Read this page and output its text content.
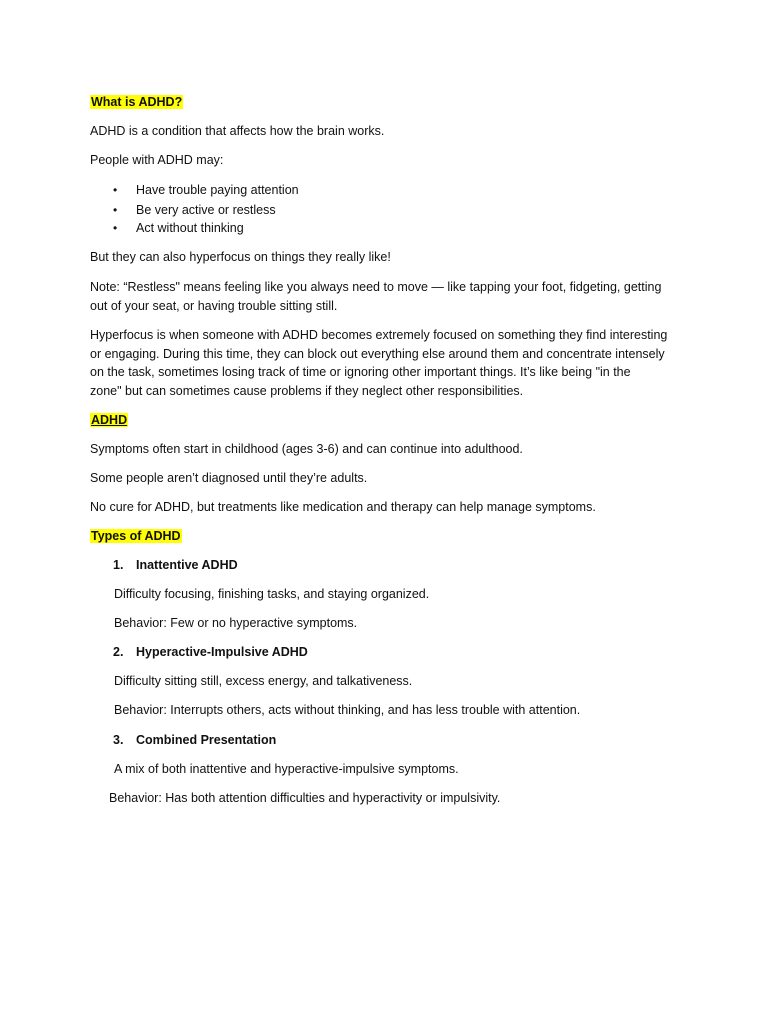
What is ADHD?
ADHD is a condition that affects how the brain works.
People with ADHD may:
• Have trouble paying attention
• Be very active or restless
• Act without thinking
But they can also hyperfocus on things they really like!
Note: “Restless" means feeling like you always need to move — like tapping your foot, fidgeting, getting
out of your seat, or having trouble sitting still.
Hyperfocus is when someone with ADHD becomes extremely focused on something they find interesting
or engaging. During this time, they can block out everything else around them and concentrate intensely
on the task, sometimes losing track of time or ignoring other important things. It’s like being "in the
zone" but can sometimes cause problems if they neglect other responsibilities.
ADHD
Symptoms often start in childhood (ages 3-6) and can continue into adulthood.
Some people aren’t diagnosed until they’re adults.
No cure for ADHD, but treatments like medication and therapy can help manage symptoms.
Types of ADHD
1. Inattentive ADHD
Difficulty focusing, finishing tasks, and staying organized.
Behavior: Few or no hyperactive symptoms.
2. Hyperactive-Impulsive ADHD
Difficulty sitting still, excess energy, and talkativeness.
Behavior: Interrupts others, acts without thinking, and has less trouble with attention.
3. Combined Presentation
A mix of both inattentive and hyperactive-impulsive symptoms.
Behavior: Has both attention difficulties and hyperactivity or impulsivity.
